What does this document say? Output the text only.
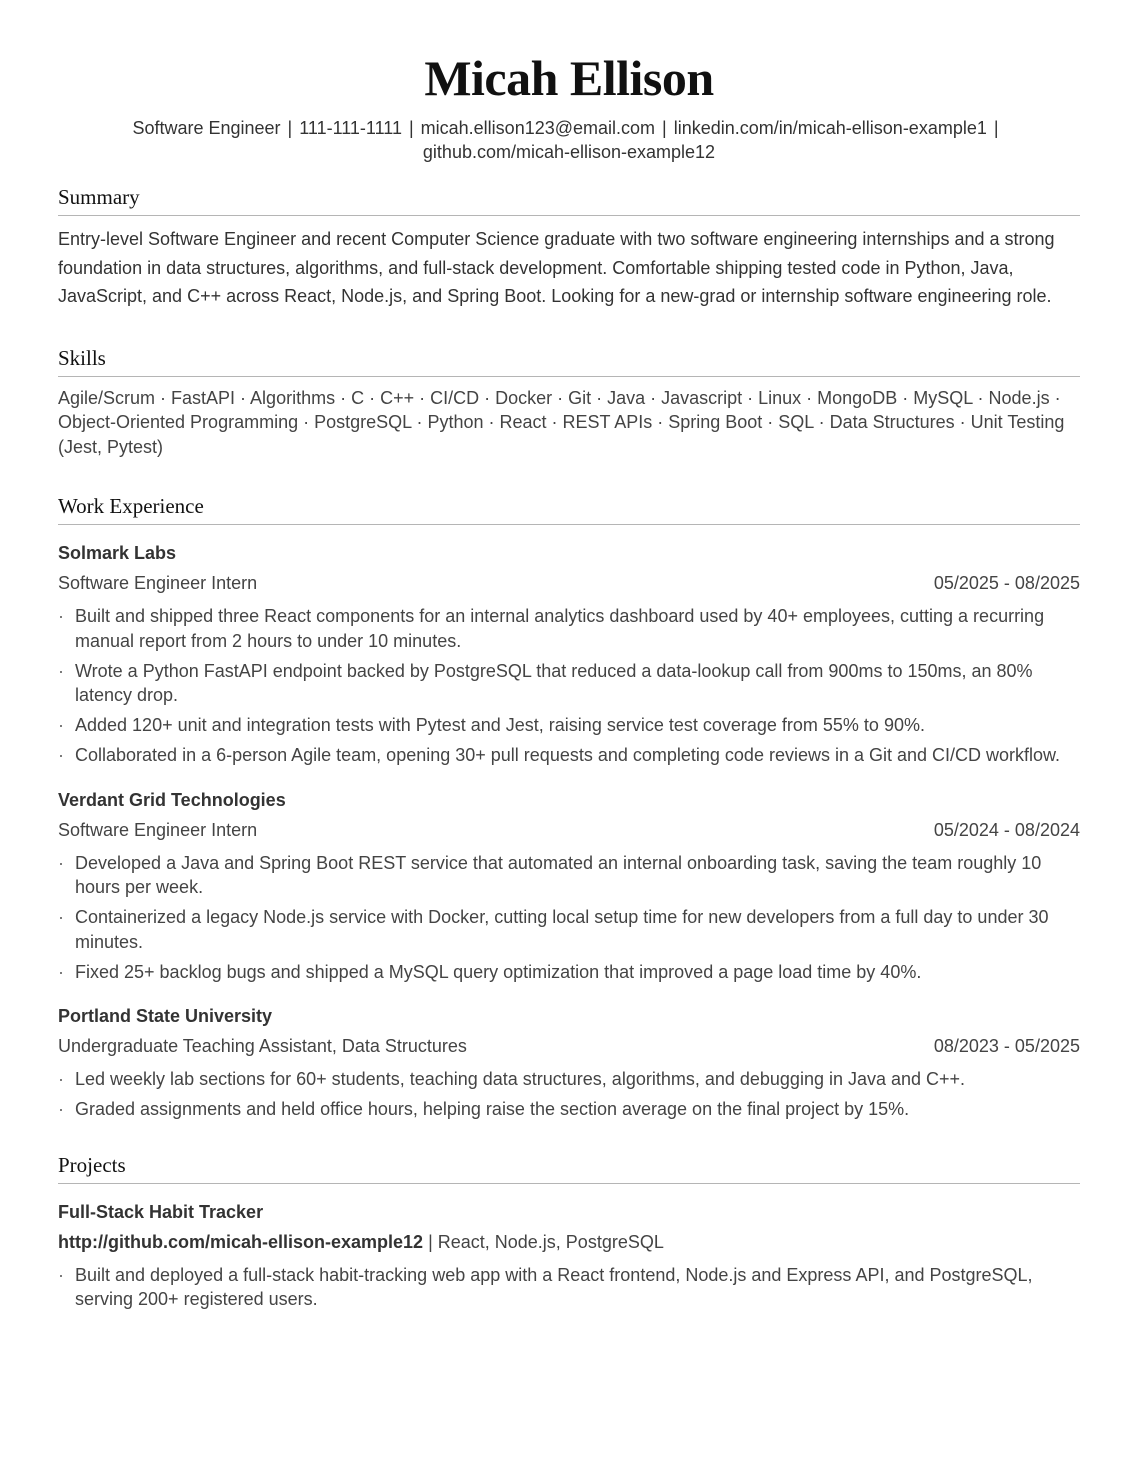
Micah Ellison
Software Engineer | 111-111-1111 | micah.ellison123@email.com | linkedin.com/in/micah-ellison-example1 |
github.com/micah-ellison-example12
Summary

Entry-level Software Engineer and recent Computer Science graduate with two software engineering internships and a strong foundation in data structures, algorithms, and full-stack development. Comfortable shipping tested code in Python, Java, JavaScript, and C++ across React, Node.js, and Spring Boot. Looking for a new-grad or internship software engineering role.

Skills

Agile/Scrum · FastAPI · Algorithms · C · C++ · CI/CD · Docker · Git · Java · Javascript · Linux · MongoDB · MySQL · Node.js · Object-Oriented Programming · PostgreSQL · Python · React · REST APIs · Spring Boot · SQL · Data Structures · Unit Testing (Jest, Pytest)

Work Experience
Solmark Labs
Software Engineer Intern	05/2025 - 08/2025
· Built and shipped three React components for an internal analytics dashboard used by 40+ employees, cutting a recurring manual report from 2 hours to under 10 minutes.
· Wrote a Python FastAPI endpoint backed by PostgreSQL that reduced a data-lookup call from 900ms to 150ms, an 80% latency drop.
· Added 120+ unit and integration tests with Pytest and Jest, raising service test coverage from 55% to 90%.
· Collaborated in a 6-person Agile team, opening 30+ pull requests and completing code reviews in a Git and CI/CD workflow.
Verdant Grid Technologies
Software Engineer Intern	05/2024 - 08/2024
· Developed a Java and Spring Boot REST service that automated an internal onboarding task, saving the team roughly 10 hours per week.
· Containerized a legacy Node.js service with Docker, cutting local setup time for new developers from a full day to under 30 minutes.
· Fixed 25+ backlog bugs and shipped a MySQL query optimization that improved a page load time by 40%.
Portland State University
Undergraduate Teaching Assistant, Data Structures	08/2023 - 05/2025
· Led weekly lab sections for 60+ students, teaching data structures, algorithms, and debugging in Java and C++.
· Graded assignments and held office hours, helping raise the section average on the final project by 15%.
Projects
Full-Stack Habit Tracker
http://github.com/micah-ellison-example12 | React, Node.js, PostgreSQL
· Built and deployed a full-stack habit-tracking web app with a React frontend, Node.js and Express API, and PostgreSQL, serving 200+ registered users.
